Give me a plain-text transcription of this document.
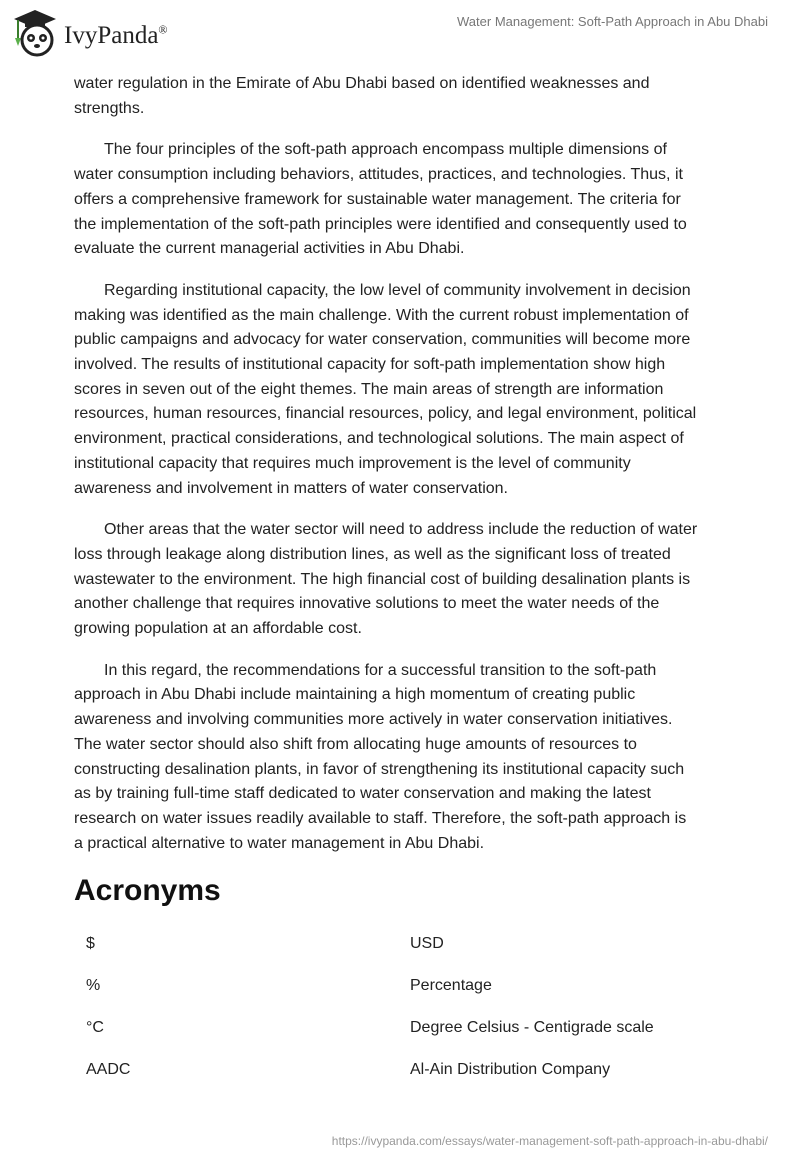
IvyPanda®
Water Management: Soft-Path Approach in Abu Dhabi
water regulation in the Emirate of Abu Dhabi based on identified weaknesses and
strengths.
The four principles of the soft-path approach encompass multiple dimensions of
water consumption including behaviors, attitudes, practices, and technologies. Thus, it
offers a comprehensive framework for sustainable water management. The criteria for
the implementation of the soft-path principles were identified and consequently used to
evaluate the current managerial activities in Abu Dhabi.
Regarding institutional capacity, the low level of community involvement in decision
making was identified as the main challenge. With the current robust implementation of
public campaigns and advocacy for water conservation, communities will become more
involved. The results of institutional capacity for soft-path implementation show high
scores in seven out of the eight themes. The main areas of strength are information
resources, human resources, financial resources, policy, and legal environment, political
environment, practical considerations, and technological solutions. The main aspect of
institutional capacity that requires much improvement is the level of community
awareness and involvement in matters of water conservation.
Other areas that the water sector will need to address include the reduction of water
loss through leakage along distribution lines, as well as the significant loss of treated
wastewater to the environment. The high financial cost of building desalination plants is
another challenge that requires innovative solutions to meet the water needs of the
growing population at an affordable cost.
In this regard, the recommendations for a successful transition to the soft-path
approach in Abu Dhabi include maintaining a high momentum of creating public
awareness and involving communities more actively in water conservation initiatives.
The water sector should also shift from allocating huge amounts of resources to
constructing desalination plants, in favor of strengthening its institutional capacity such
as by training full-time staff dedicated to water conservation and making the latest
research on water issues readily available to staff. Therefore, the soft-path approach is
a practical alternative to water management in Abu Dhabi.
Acronyms
$	USD
%	Percentage
°C	Degree Celsius - Centigrade scale
AADC	Al-Ain Distribution Company
https://ivypanda.com/essays/water-management-soft-path-approach-in-abu-dhabi/
